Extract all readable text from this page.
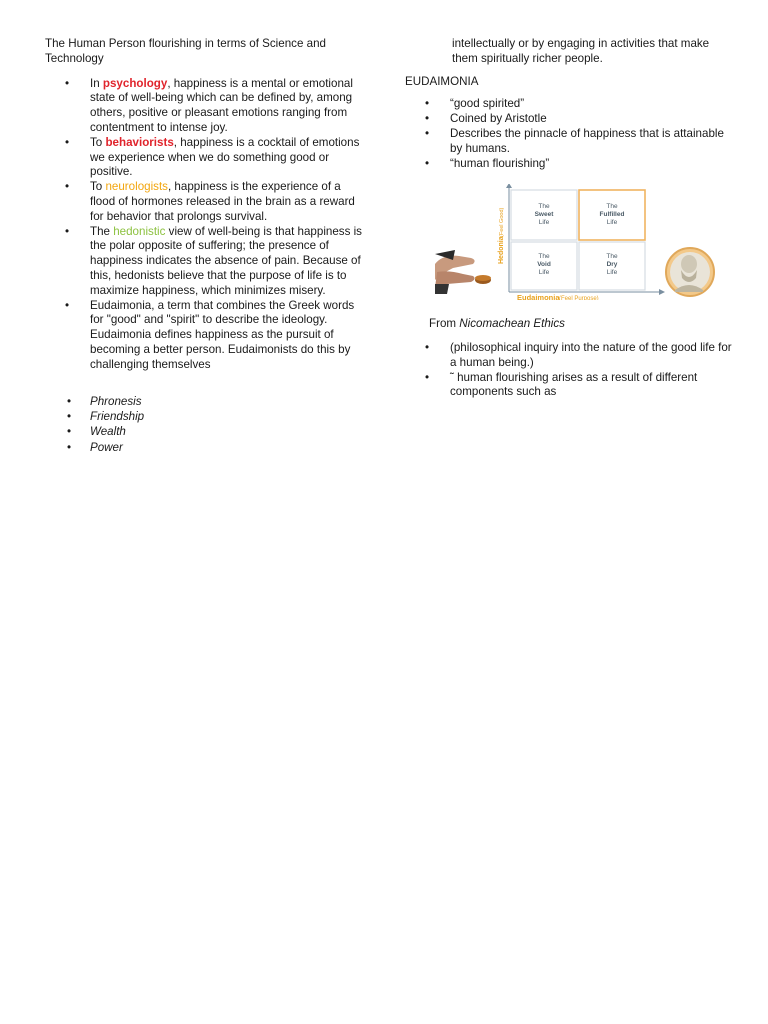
The Human Person flourishing in terms of Science and Technology

• In psychology, happiness is a mental or emotional state of well-being which can be defined by, among others, positive or pleasant emotions ranging from contentment to intense joy.
• To behaviorists, happiness is a cocktail of emotions we experience when we do something good or positive.
• To neurologists, happiness is the experience of a flood of hormones released in the brain as a reward for behavior that prolongs survival.
• The hedonistic view of well-being is that happiness is the polar opposite of suffering; the presence of happiness indicates the absence of pain. Because of this, hedonists believe that the purpose of life is to maximize happiness, which minimizes misery.
• Eudaimonia, a term that combines the Greek words for "good" and "spirit" to describe the ideology. Eudaimonia defines happiness as the pursuit of becoming a better person. Eudaimonists do this by challenging themselves
• Phronesis
• Friendship
• Wealth
• Power

intellectually or by engaging in activities that make them spiritually richer people.

EUDAIMONIA

• “good spirited”
• Coined by Aristotle
• Describes the pinnacle of happiness that is attainable by humans.
• “human flourishing”
The
Sweet
Life
The
Fulfilled
Life
The
Void
Life
The
Dry
Life
Hedonia
(Feel Good)
Eudaimonia (Feel Purpose)
From Nicomachean Ethics
• (philosophical inquiry into the nature of the good life for a human being.)
• ˜ human flourishing arises as a result of different components such as
